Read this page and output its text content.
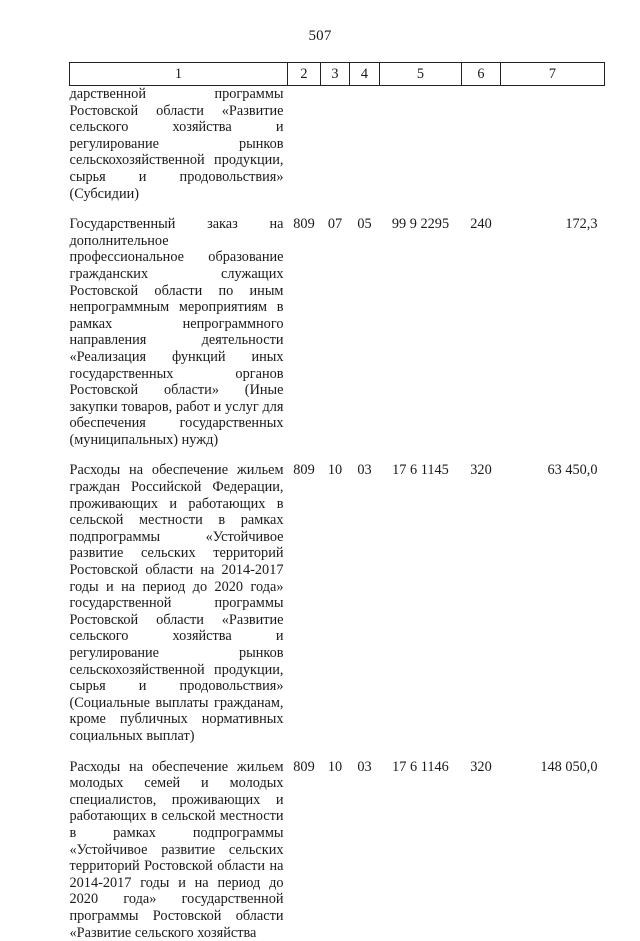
507
1	2	3	4	5	6	7
дарственной программы Ростовской области «Развитие сельского хозяйства и регулирование рынков сельскохозяйственной продукции, сырья и продовольствия» (Субсидии)						

Государственный заказ на дополнительное профессиональное образование гражданских служащих Ростовской области по иным непрограммным мероприятиям в рамках непрограммного направления деятельности «Реализация функций иных государственных органов Ростовской области» (Иные закупки товаров, работ и услуг для обеспечения государственных (муниципальных) нужд)	809	07	05	99 9 2295	240	172,3

Расходы на обеспечение жильем граждан Российской Федерации, проживающих и работающих в сельской местности в рамках подпрограммы «Устойчивое развитие сельских территорий Ростовской области на 2014-2017 годы и на период до 2020 года» государственной программы Ростовской области «Развитие сельского хозяйства и регулирование рынков сельскохозяйственной продукции, сырья и продовольствия» (Социальные выплаты гражданам, кроме публичных нормативных социальных выплат)	809	10	03	17 6 1145	320	63 450,0

Расходы на обеспечение жильем молодых семей и молодых специалистов, проживающих и работающих в сельской местности в рамках подпрограммы «Устойчивое развитие сельских территорий Ростовской области на 2014-2017 годы и на период до 2020 года» государственной программы Ростовской области «Развитие сельского хозяйства	809	10	03	17 6 1146	320	148 050,0
